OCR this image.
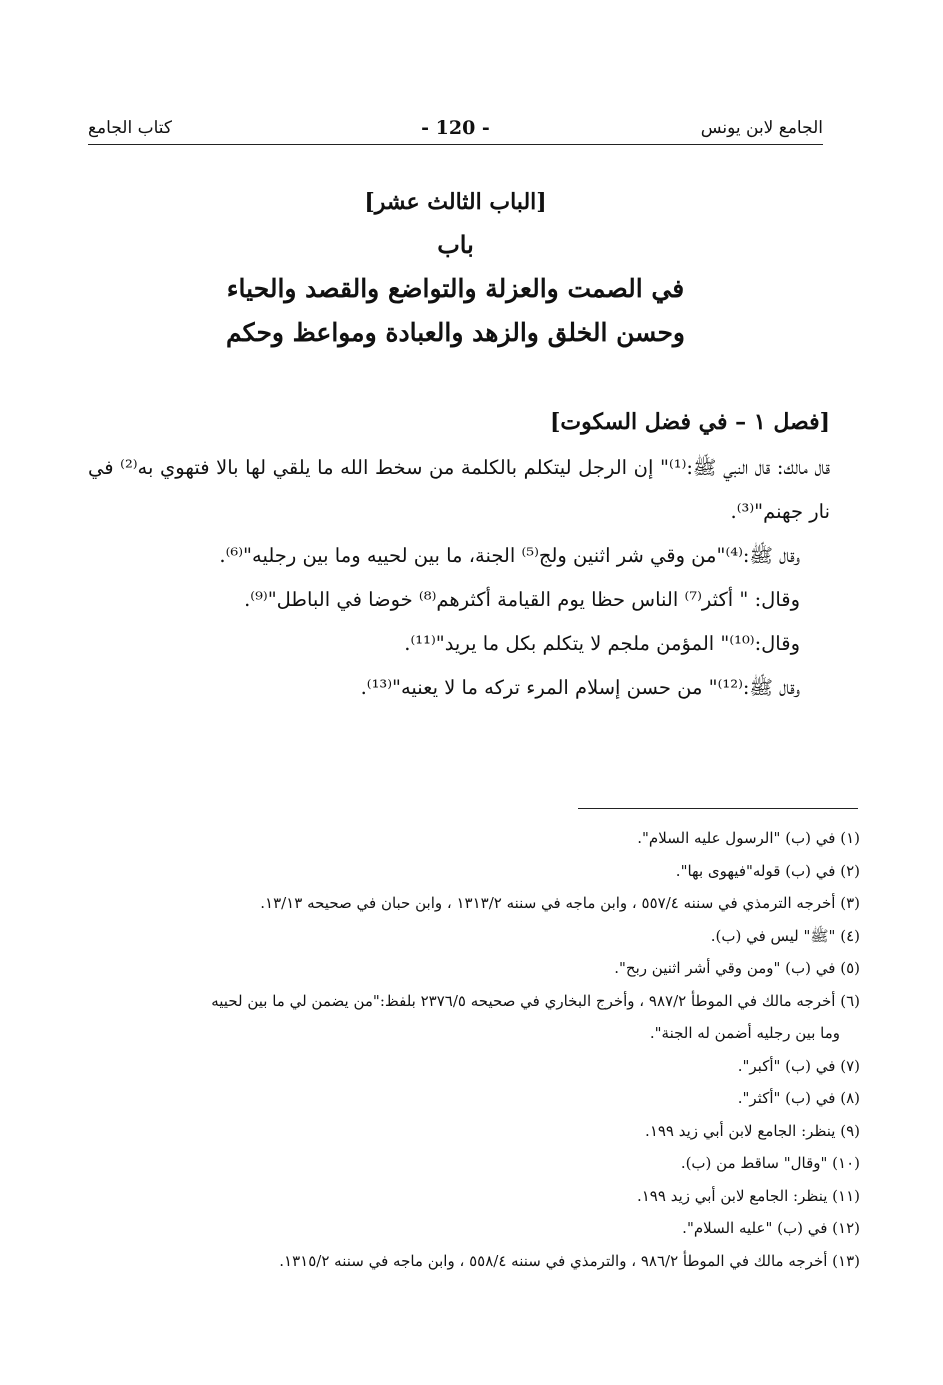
الجامع لابن يونس
- 120 -
كتاب الجامع
[الباب الثالث عشر]
باب
في الصمت والعزلة والتواضع والقصد والحياء
وحسن الخلق والزهد والعبادة ومواعظ وحكم
[فصل ١ – في فضل السكوت]
قال مالك: قال النبي ﷺ:⁽¹⁾" إن الرجل ليتكلم بالكلمة من سخط الله ما يلقي لها بالا فتهوي به⁽²⁾ في نار جهنم"⁽³⁾.
وقال ﷺ:⁽⁴⁾"من وقي شر اثنين ولج⁽⁵⁾ الجنة، ما بين لحييه وما بين رجليه"⁽⁶⁾.
وقال: " أكثر⁽⁷⁾ الناس حظا يوم القيامة أكثرهم⁽⁸⁾ خوضا في الباطل"⁽⁹⁾.
وقال:⁽¹⁰⁾" المؤمن ملجم لا يتكلم بكل ما يريد"⁽¹¹⁾.
وقال ﷺ:⁽¹²⁾" من حسن إسلام المرء تركه ما لا يعنيه"⁽¹³⁾.
(١) في (ب) "الرسول عليه السلام".
(٢) في (ب) قوله"فيهوى بها".
(٣) أخرجه الترمذي في سننه ٥٥٧/٤ ، وابن ماجه في سننه ١٣١٣/٢ ، وابن حبان في صحيحه ١٣/١٣.
(٤) "ﷺ" ليس في (ب).
(٥) في (ب) "ومن وقي أشر اثنين ربح".
(٦) أخرجه مالك في الموطأ ٩٨٧/٢ ، وأخرج البخاري في صحيحه ٢٣٧٦/٥ بلفظ:"من يضمن لي ما بين لحييه
وما بين رجليه أضمن له الجنة".
(٧) في (ب) "أكبر".
(٨) في (ب) "أكثر".
(٩) ينظر: الجامع لابن أبي زيد ١٩٩.
(١٠) "وقال" ساقط من (ب).
(١١) ينظر: الجامع لابن أبي زيد ١٩٩.
(١٢) في (ب) "عليه السلام".
(١٣) أخرجه مالك في الموطأ ٩٨٦/٢ ، والترمذي في سننه ٥٥٨/٤ ، وابن ماجه في سننه ١٣١٥/٢.
